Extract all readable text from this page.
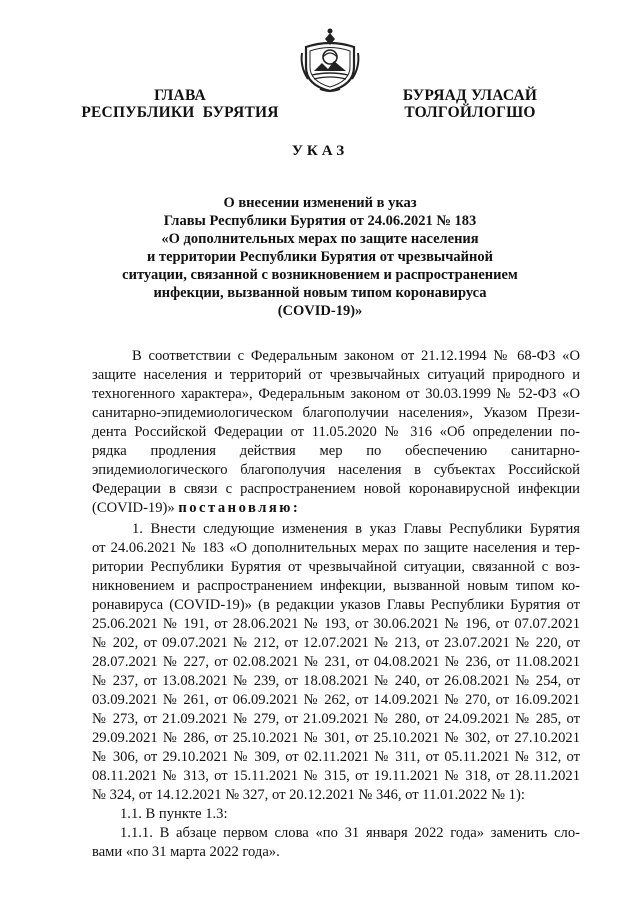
ГЛАВА
РЕСПУБЛИКИ  БУРЯТИЯ
БУРЯАД УЛАСАЙ
ТОЛГОЙЛОГШО
УКАЗ
О внесении изменений в указ
Главы Республики Бурятия от 24.06.2021 № 183
«О дополнительных мерах по защите населения
и территории Республики Бурятия от чрезвычайной
ситуации, связанной с возникновением и распространением
инфекции, вызванной новым типом коронавируса
(COVID-19)»
В соответствии с Федеральным законом от 21.12.1994 № 68-ФЗ «О
защите населения и территорий от чрезвычайных ситуаций природного и
техногенного характера», Федеральным законом от 30.03.1999 № 52-ФЗ «О
санитарно-эпидемиологическом благополучии населения», Указом Прези-
дента Российской Федерации от 11.05.2020 № 316 «Об определении по-
рядка продления действия мер по обеспечению санитарно-
эпидемиологического благополучия населения в субъектах Российской
Федерации в связи с распространением новой коронавирусной инфекции
(COVID-19)» постановляю:
1. Внести следующие изменения в указ Главы Республики Бурятия
от 24.06.2021 № 183 «О дополнительных мерах по защите населения и тер-
ритории Республики Бурятия от чрезвычайной ситуации, связанной с воз-
никновением и распространением инфекции, вызванной новым типом ко-
ронавируса (COVID-19)» (в редакции указов Главы Республики Бурятия от
25.06.2021 № 191, от 28.06.2021 № 193, от 30.06.2021 № 196, от 07.07.2021
№ 202, от 09.07.2021 № 212, от 12.07.2021 № 213, от 23.07.2021 № 220, от
28.07.2021 № 227, от 02.08.2021 № 231, от 04.08.2021 № 236, от 11.08.2021
№ 237, от 13.08.2021 № 239, от 18.08.2021 № 240, от 26.08.2021 № 254, от
03.09.2021 № 261, от 06.09.2021 № 262, от 14.09.2021 № 270, от 16.09.2021
№ 273, от 21.09.2021 № 279, от 21.09.2021 № 280, от 24.09.2021 № 285, от
29.09.2021 № 286, от 25.10.2021 № 301, от 25.10.2021 № 302, от 27.10.2021
№ 306, от 29.10.2021 № 309, от 02.11.2021 № 311, от 05.11.2021 № 312, от
08.11.2021 № 313, от 15.11.2021 № 315, от 19.11.2021 № 318, от 28.11.2021
№ 324, от 14.12.2021 № 327, от 20.12.2021 № 346, от 11.01.2022 № 1):
1.1. В пункте 1.3:
1.1.1. В абзаце первом слова «по 31 января 2022 года» заменить сло-
вами «по 31 марта 2022 года».
